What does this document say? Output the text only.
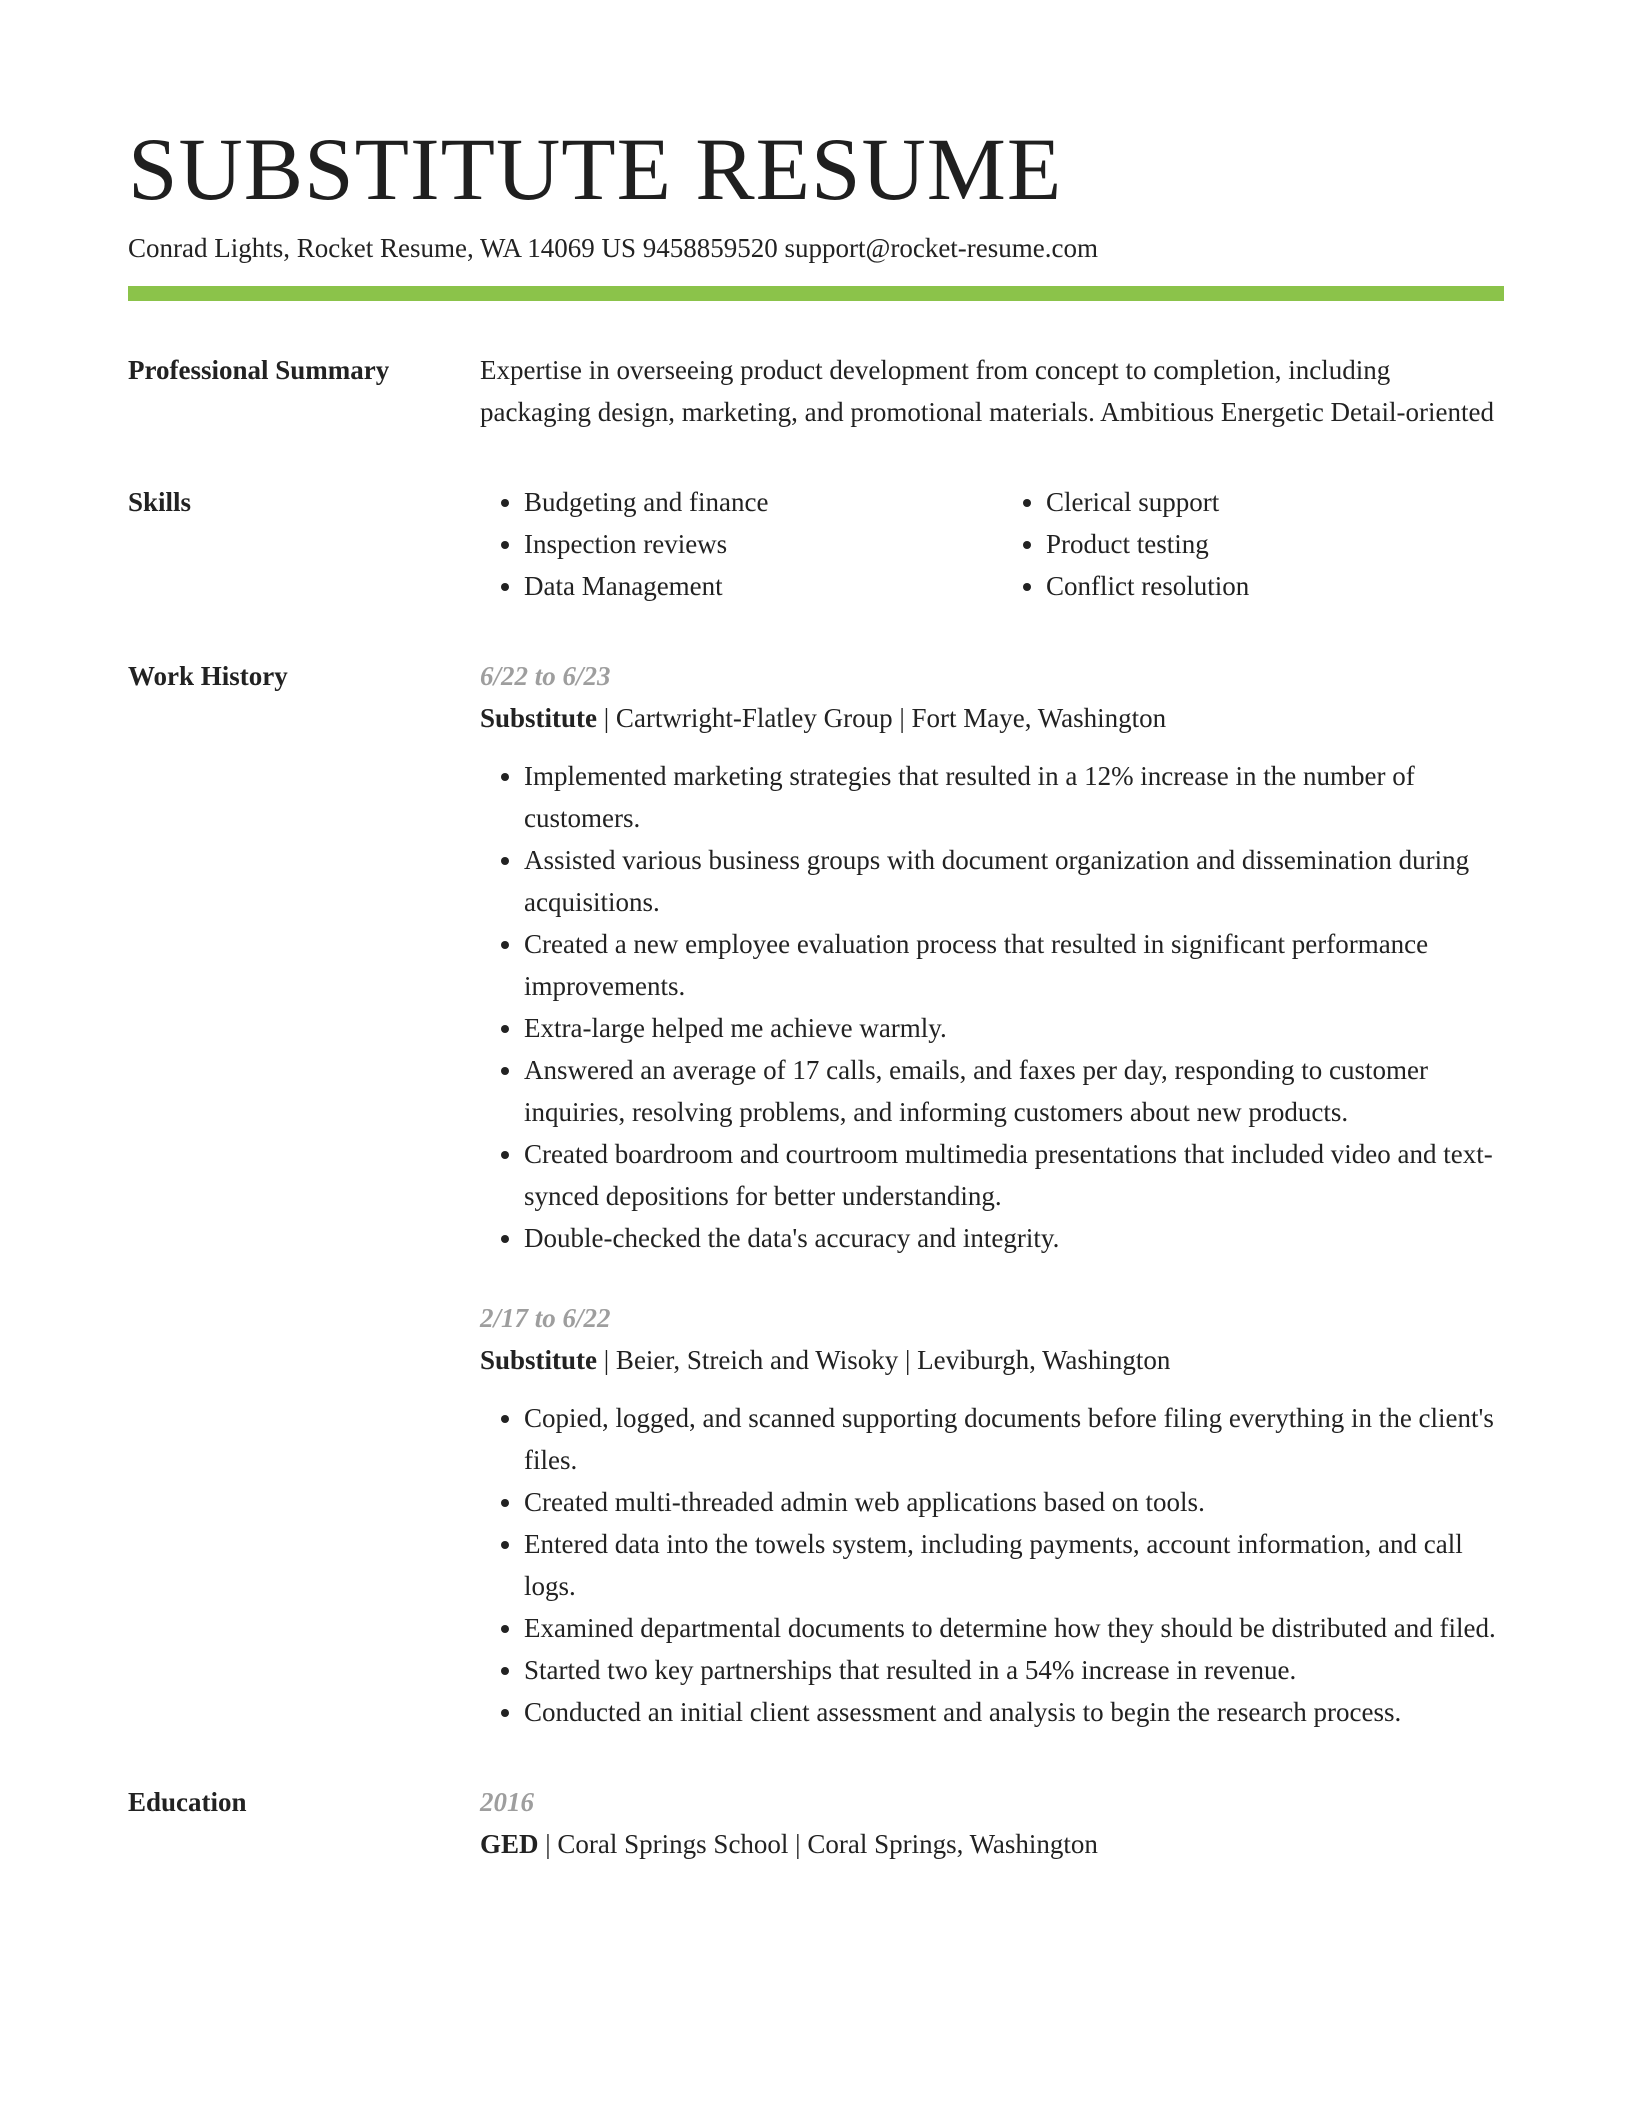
SUBSTITUTE RESUME
Conrad Lights, Rocket Resume, WA 14069 US 9458859520 support@rocket-resume.com
Professional Summary	Expertise in overseeing product development from concept to completion, including packaging design, marketing, and promotional materials. Ambitious Energetic Detail-oriented

Skills
•	Budgeting and finance
• Inspection reviews
• Data Management
• Clerical support
• Product testing
• Conflict resolution
Work History	6/22 to 6/23
Substitute | Cartwright-Flatley Group | Fort Maye, Washington
• Implemented marketing strategies that resulted in a 12% increase in the number of customers.
• Assisted various business groups with document organization and dissemination during acquisitions.
• Created a new employee evaluation process that resulted in significant performance improvements.
• Extra-large helped me achieve warmly.
• Answered an average of 17 calls, emails, and faxes per day, responding to customer inquiries, resolving problems, and informing customers about new products.
• Created boardroom and courtroom multimedia presentations that included video and text-synced depositions for better understanding.
• Double-checked the data's accuracy and integrity.
2/17 to 6/22
Substitute | Beier, Streich and Wisoky | Leviburgh, Washington
• Copied, logged, and scanned supporting documents before filing everything in the client's files.
• Created multi-threaded admin web applications based on tools.
• Entered data into the towels system, including payments, account information, and call logs.
• Examined departmental documents to determine how they should be distributed and filed.
• Started two key partnerships that resulted in a 54% increase in revenue.
• Conducted an initial client assessment and analysis to begin the research process.
Education	2016
GED | Coral Springs School | Coral Springs, Washington
